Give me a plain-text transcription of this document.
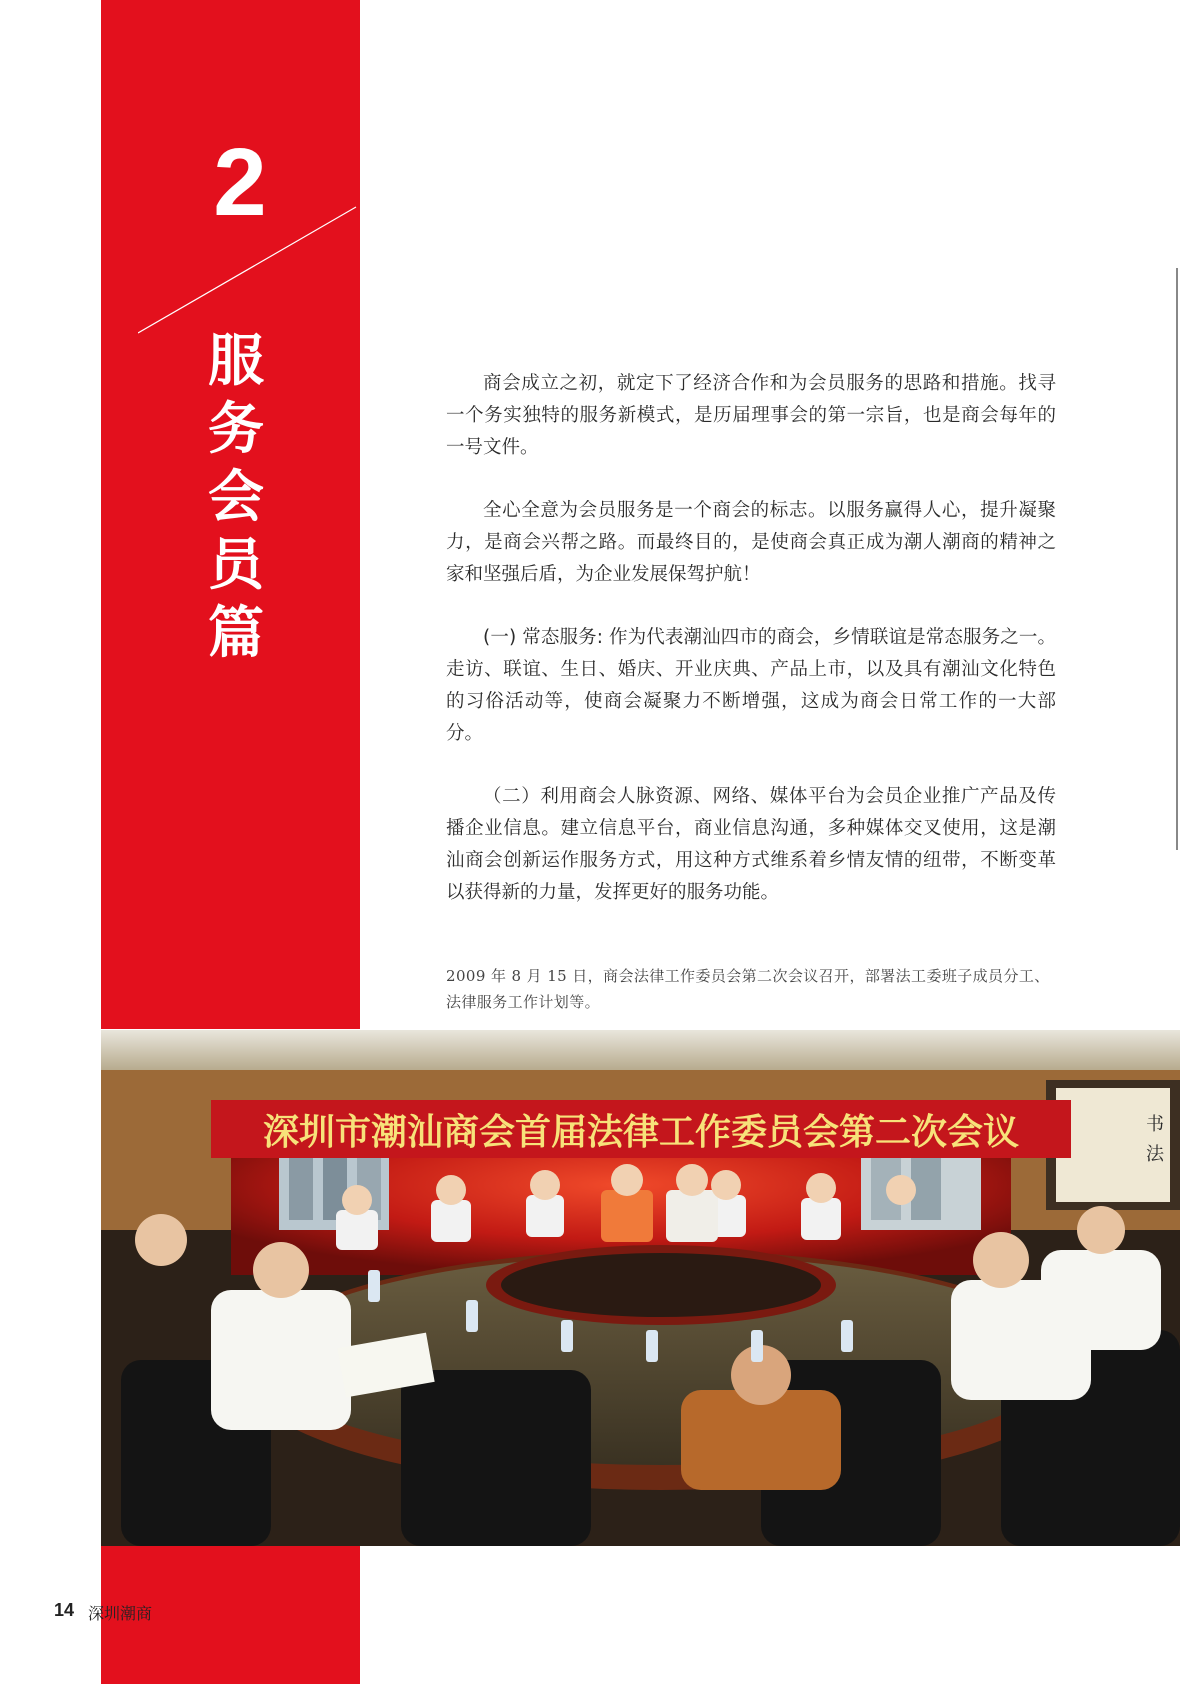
2
服务会员篇

商会成立之初，就定下了经济合作和为会员服务的思路和措施。找寻一个务实独特的服务新模式，是历届理事会的第一宗旨，也是商会每年的一号文件。

全心全意为会员服务是一个商会的标志。以服务赢得人心，提升凝聚力，是商会兴帮之路。而最终目的，是使商会真正成为潮人潮商的精神之家和坚强后盾，为企业发展保驾护航！

(一) 常态服务: 作为代表潮汕四市的商会，乡情联谊是常态服务之一。走访、联谊、生日、婚庆、开业庆典、产品上市，以及具有潮汕文化特色的习俗活动等，使商会凝聚力不断增强，这成为商会日常工作的一大部分。

（二）利用商会人脉资源、网络、媒体平台为会员企业推广产品及传播企业信息。建立信息平台，商业信息沟通，多种媒体交叉使用，这是潮汕商会创新运作服务方式，用这种方式维系着乡情友情的纽带，不断变革以获得新的力量，发挥更好的服务功能。

2009 年 8 月 15 日，商会法律工作委员会第二次会议召开，部署法工委班子成员分工、法律服务工作计划等。
书
法
深圳市潮汕商会首届法律工作委员会第二次会议
14 深圳潮商
